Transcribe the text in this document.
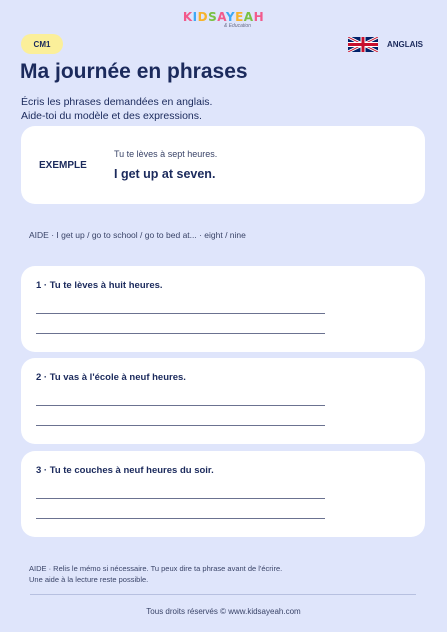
KIDSAYEAH
& Education
CM1	ANGLAIS
Ma journée en phrases
Écris les phrases demandées en anglais.
Aide-toi du modèle et des expressions.
EXEMPLE
Tu te lèves à sept heures.
I get up at seven.
AIDE · I get up / go to school / go to bed at... · eight / nine
1 · Tu te lèves à huit heures.
2 · Tu vas à l'école à neuf heures.
3 · Tu te couches à neuf heures du soir.
AIDE · Relis le mémo si nécessaire. Tu peux dire ta phrase avant de l'écrire.
Une aide à la lecture reste possible.
Tous droits réservés © www.kidsayeah.com
